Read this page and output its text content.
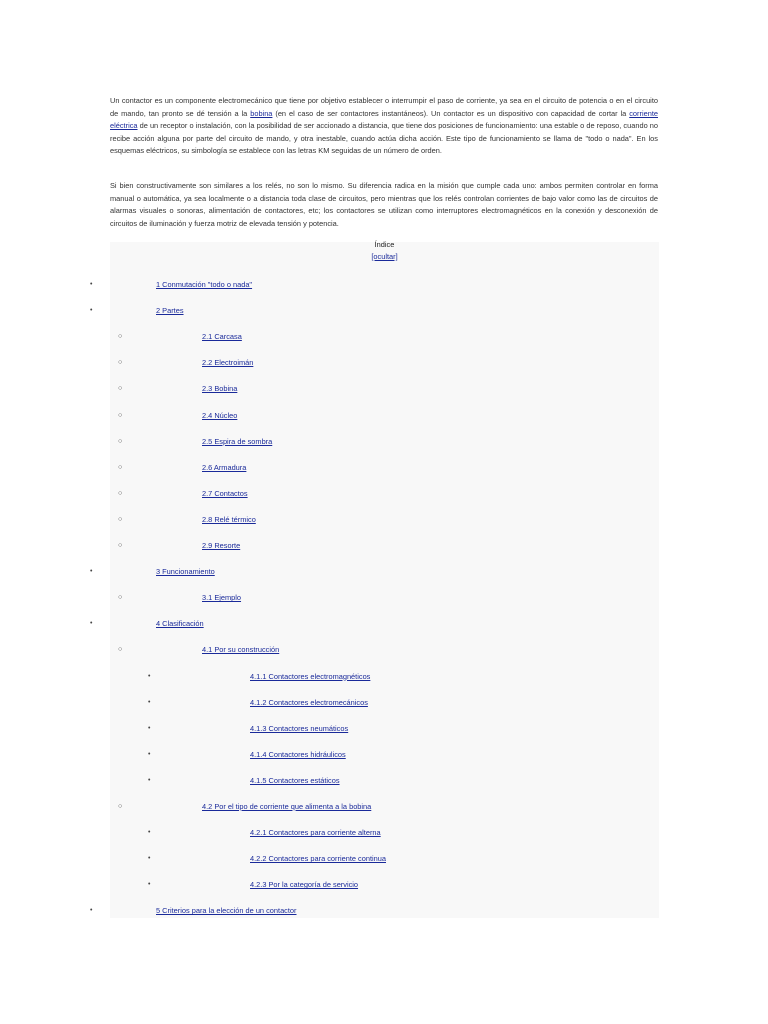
Un contactor es un componente electromecánico que tiene por objetivo establecer o interrumpir el paso de corriente, ya sea en el circuito de potencia o en el circuito de mando, tan pronto se dé tensión a la bobina (en el caso de ser contactores instantáneos). Un contactor es un dispositivo con capacidad de cortar la corriente eléctrica de un receptor o instalación, con la posibilidad de ser accionado a distancia, que tiene dos posiciones de funcionamiento: una estable o de reposo, cuando no recibe acción alguna por parte del circuito de mando, y otra inestable, cuando actúa dicha acción. Este tipo de funcionamiento se llama de "todo o nada". En los esquemas eléctricos, su simbología se establece con las letras KM seguidas de un número de orden.
Si bien constructivamente son similares a los relés, no son lo mismo. Su diferencia radica en la misión que cumple cada uno: ambos permiten controlar en forma manual o automática, ya sea localmente o a distancia toda clase de circuitos, pero mientras que los relés controlan corrientes de bajo valor como las de circuitos de alarmas visuales o sonoras, alimentación de contactores, etc; los contactores se utilizan como interruptores electromagnéticos en la conexión y desconexión de circuitos de iluminación y fuerza motriz de elevada tensión y potencia.
Índice
[ocultar]
•	1 Conmutación "todo o nada"
•	2 Partes
○	2.1 Carcasa
○	2.2 Electroimán
○	2.3 Bobina
○	2.4 Núcleo
○	2.5 Espira de sombra
○	2.6 Armadura
○	2.7 Contactos
○	2.8 Relé térmico
○	2.9 Resorte
•	3 Funcionamiento
○	3.1 Ejemplo
•	4 Clasificación
○	4.1 Por su construcción
•	4.1.1 Contactores electromagnéticos
•	4.1.2 Contactores electromecánicos
•	4.1.3 Contactores neumáticos
•	4.1.4 Contactores hidráulicos
•	4.1.5 Contactores estáticos
○	4.2 Por el tipo de corriente que alimenta a la bobina
•	4.2.1 Contactores para corriente alterna
•	4.2.2 Contactores para corriente continua
•	4.2.3 Por la categoría de servicio
•	5 Criterios para la elección de un contactor
